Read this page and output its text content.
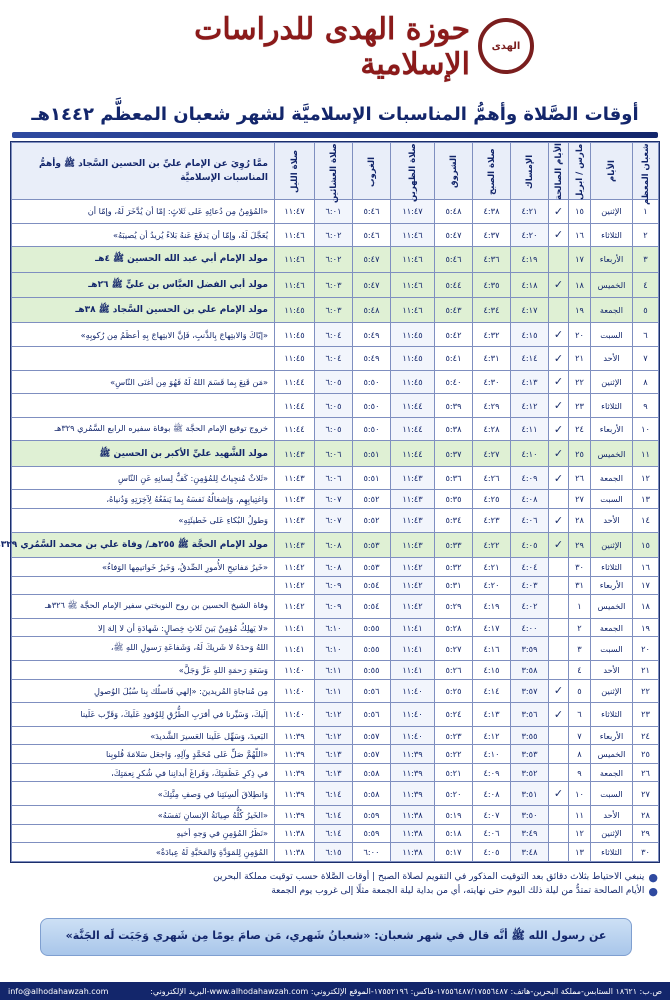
الهدى
حوزة الهدى للدراسات الإسلامية
أوقات الصَّلاة وأهمُّ المناسبات الإسلاميَّة لشهر شعبان المعظَّم ١٤٤٢هـ
شعبان المعظم	الأيام	مارس / ابريل	الأيام الصالحة	الإمساك	صلاة الصبح	الشروق	صلاة الظهرين	الغروب	صلاة العشائين	صلاة الليل	ممَّا رُوِيَ عن الإمام عليِّ بن الحسين السَّجاد ﷺ وأهمُّ المناسبات الإسلاميَّة
١	الإثنين	١٥	✓	٤:٢١	٤:٣٨	٥:٤٨	١١:٤٧	٥:٤٦	٦:٠١	١١:٤٧	«المُؤمِنُ مِن دُعائِهِ عَلى ثَلاثٍ: إمّا أن يُدَّخَرَ لَهُ، وإمّا أن
٢	الثلاثاء	١٦	✓	٤:٢٠	٤:٣٧	٥:٤٧	١١:٤٦	٥:٤٦	٦:٠٢	١١:٤٦	يُعَجَّلَ لَهُ، وإمّا أن يَدفَعَ عَنهُ بَلاءً يُريدُ أن يُصيبَهُ»
٣	الأربعاء	١٧		٤:١٩	٤:٣٦	٥:٤٦	١١:٤٦	٥:٤٧	٦:٠٢	١١:٤٦	مولد الإمام أبي عبد الله الحسين ﷺ ٤هـ
٤	الخميس	١٨	✓	٤:١٨	٤:٣٥	٥:٤٤	١١:٤٦	٥:٤٧	٦:٠٣	١١:٤٦	مولد أبي الفضل العبَّاس بن عليٍّ ﷺ ٢٦هـ
٥	الجمعة	١٩		٤:١٧	٤:٣٤	٥:٤٣	١١:٤٦	٥:٤٨	٦:٠٣	١١:٤٥	مولد الإمام علي بن الحسين السَّجاد ﷺ ٣٨هـ
٦	السبت	٢٠	✓	٤:١٥	٤:٣٢	٥:٤٢	١١:٤٥	٥:٤٩	٦:٠٤	١١:٤٥	«إيّاكَ وَالابتِهاجَ بِالذَّنبِ، فَإنَّ الابتِهاجَ بِهِ أعظَمُ مِن رُكوبِهِ»
٧	الأحد	٢١	✓	٤:١٤	٤:٣١	٥:٤١	١١:٤٥	٥:٤٩	٦:٠٤	١١:٤٥	
٨	الإثنين	٢٢	✓	٤:١٣	٤:٣٠	٥:٤٠	١١:٤٥	٥:٥٠	٦:٠٥	١١:٤٤	«مَن قَنِعَ بِما قَسَمَ اللهُ لَهُ فَهُوَ مِن أغنَى النّاسِ»
٩	الثلاثاء	٢٣	✓	٤:١٢	٤:٢٩	٥:٣٩	١١:٤٤	٥:٥٠	٦:٠٥	١١:٤٤	
١٠	الأربعاء	٢٤	✓	٤:١١	٤:٢٨	٥:٣٨	١١:٤٤	٥:٥٠	٦:٠٥	١١:٤٤	خروج توقيع الإمام الحجَّة ﷺ بوفاة سفيره الرابع السَّمُري ٣٢٩هـ
١١	الخميس	٢٥	✓	٤:١٠	٤:٢٧	٥:٣٧	١١:٤٤	٥:٥١	٦:٠٦	١١:٤٣	مولد الشَّهيد عليِّ الأكبر بن الحسين ﷺ
١٢	الجمعة	٢٦	✓	٤:٠٩	٤:٢٦	٥:٣٦	١١:٤٣	٥:٥١	٦:٠٦	١١:٤٣	«ثَلاثٌ مُنجِياتٌ لِلمُؤمِنِ: كَفُّ لِسانِهِ عَنِ النّاسِ
١٣	السبت	٢٧		٤:٠٨	٤:٢٥	٥:٣٥	١١:٤٣	٥:٥٢	٦:٠٧	١١:٤٣	وَاغتِيابِهِم، وَإشغالُهُ نَفسَهُ بِما يَنفَعُهُ لِآخِرَتِهِ وَدُنياهُ،
١٤	الأحد	٢٨	✓	٤:٠٦	٤:٢٣	٥:٣٤	١١:٤٣	٥:٥٢	٦:٠٧	١١:٤٣	وَطولُ البُكاءِ عَلى خَطيئَتِهِ»
١٥	الإثنين	٢٩	✓	٤:٠٥	٤:٢٢	٥:٣٣	١١:٤٣	٥:٥٣	٦:٠٨	١١:٤٣	مولد الإمام الحجَّة ﷺ ٢٥٥هـ/ وفاة علي بن محمد السَّمُري ٣٢٩
١٦	الثلاثاء	٣٠		٤:٠٤	٤:٢١	٥:٣٢	١١:٤٢	٥:٥٣	٦:٠٨	١١:٤٢	«خَيرُ مَفاتيحِ الأُمورِ الصِّدقُ، وَخَيرُ خَواتيمِها الوَفاءُ»
١٧	الأربعاء	٣١		٤:٠٣	٤:٢٠	٥:٣١	١١:٤٢	٥:٥٤	٦:٠٩	١١:٤٢	
١٨	الخميس	١		٤:٠٢	٤:١٩	٥:٢٩	١١:٤٢	٥:٥٤	٦:٠٩	١١:٤٢	وفاة الشيخ الحسين بن روح النوبختي سفير الإمام الحجَّة ﷺ ٣٢٦هـ
١٩	الجمعة	٢		٤:٠٠	٤:١٧	٥:٢٨	١١:٤١	٥:٥٥	٦:١٠	١١:٤١	«لا يَهلِكُ مُؤمِنٌ بَينَ ثَلاثِ خِصالٍ: شَهادَةِ أن لا إلهَ إلا
٢٠	السبت	٣		٣:٥٩	٤:١٦	٥:٢٧	١١:٤١	٥:٥٥	٦:١٠	١١:٤١	اللهُ وَحدَهُ لا شَريكَ لَهُ، وَشَفاعَةِ رَسولِ اللهِ ﷺ،
٢١	الأحد	٤		٣:٥٨	٤:١٥	٥:٢٦	١١:٤١	٥:٥٥	٦:١١	١١:٤٠	وَسَعَةِ رَحمَةِ اللهِ عَزَّ وَجَلَّ»
٢٢	الإثنين	٥	✓	٣:٥٧	٤:١٤	٥:٢٥	١١:٤٠	٥:٥٦	٦:١١	١١:٤٠	مِن مُناجاةِ المُريدينَ: «إلهي فَاسلُك بِنا سُبُلَ الوُصولِ
٢٣	الثلاثاء	٦	✓	٣:٥٦	٤:١٣	٥:٢٤	١١:٤٠	٥:٥٦	٦:١٢	١١:٤٠	إلَيكَ، وَسَيِّرنا في أقرَبِ الطُّرُقِ لِلوُفودِ عَلَيكَ، وَقَرِّب عَلَينا
٢٤	الأربعاء	٧		٣:٥٥	٤:١٢	٥:٢٣	١١:٤٠	٥:٥٧	٦:١٢	١١:٣٩	البَعيدَ، وَسَهِّل عَلَينا العَسيرَ الشَّديدَ»
٢٥	الخميس	٨		٣:٥٣	٤:١٠	٥:٢٢	١١:٣٩	٥:٥٧	٦:١٣	١١:٣٩	«اللّهُمَّ صَلِّ عَلى مُحَمَّدٍ وآلِهِ، وَاجعَل سَلامَةَ قُلوبِنا
٢٦	الجمعة	٩		٣:٥٢	٤:٠٩	٥:٢١	١١:٣٩	٥:٥٨	٦:١٣	١١:٣٩	في ذِكرِ عَظَمَتِكَ، وَفَراغَ أبدانِنا في شُكرِ نِعمَتِكَ،
٢٧	السبت	١٠	✓	٣:٥١	٤:٠٨	٥:٢٠	١١:٣٩	٥:٥٨	٦:١٤	١١:٣٩	وَانطِلاقَ ألسِنَتِنا في وَصفِ مِنَّتِكَ»
٢٨	الأحد	١١		٣:٥٠	٤:٠٧	٥:١٩	١١:٣٨	٥:٥٩	٦:١٤	١١:٣٩	«الخَيرُ كُلُّهُ صِيانَةُ الإنسانِ نَفسَهُ»
٢٩	الإثنين	١٢		٣:٤٩	٤:٠٦	٥:١٨	١١:٣٨	٥:٥٩	٦:١٤	١١:٣٨	«نَظَرُ المُؤمِنِ في وَجهِ أخيهِ
٣٠	الثلاثاء	١٣		٣:٤٨	٤:٠٥	٥:١٧	١١:٣٨	٦:٠٠	٦:١٥	١١:٣٨	المُؤمِنِ لِلمَوَدَّةِ وَالمَحَبَّةِ لَهُ عِبادَةٌ»
●
ينبغي الاحتياط بثلاث دقائق بعد التوقيت المذكور في التقويم لصلاة الصبح | أوقات الصَّلاة حسب توقيت مملكة البحرين
●
الأيام الصالحة تمتدُّ من ليلة ذلك اليوم حتى نهايته، أي من بداية ليلة الجمعة مثلًا إلى غروب يوم الجمعة
عن رسول الله ﷺ أنَّه قال في شهر شعبان: «شعبانُ شَهري، مَن صامَ يومًا مِن شَهري وَجَبَت لَه الجَنَّة»
info@alhodahawzah.com	ص.ب: ١٨٦٢١ الستابس-مملكة البحرين-هاتف: ١٧٥٥٦٤٨٧/١٧٥٥٦٤٨٧-فاكس: ١٧٥٥٢١٩٦-الموقع الإلكتروني: www.alhodahawzah.com-البريد الإلكتروني:
